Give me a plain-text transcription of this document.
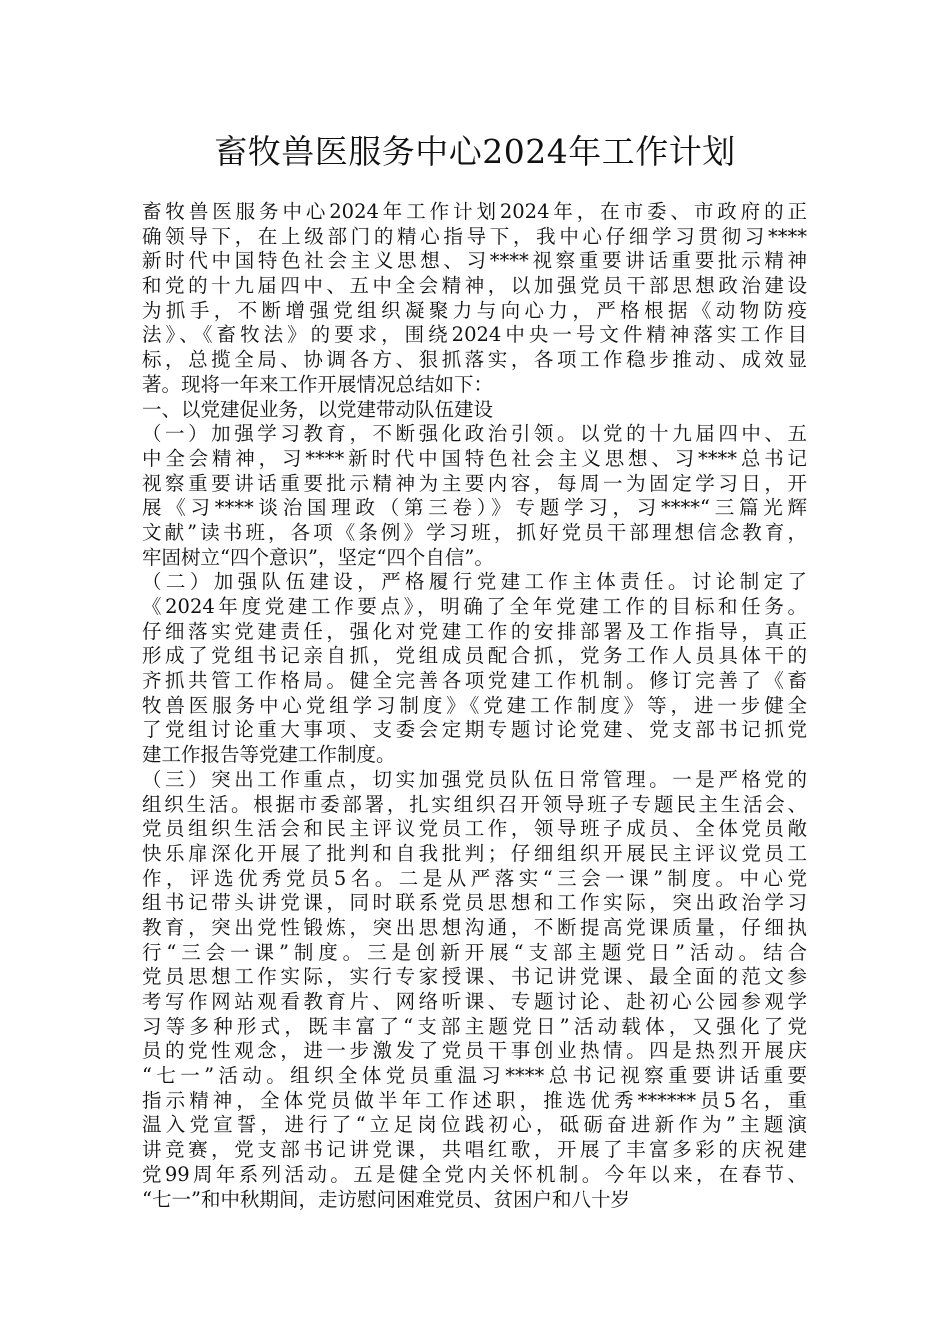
畜牧兽医服务中心2024年工作计划
畜牧兽医服务中心2024年工作计划2024年，在市委、市政府的正
确领导下，在上级部门的精心指导下，我中心仔细学习贯彻习****
新时代中国特色社会主义思想、习****视察重要讲话重要批示精神
和党的十九届四中、五中全会精神，以加强党员干部思想政治建设
为抓手，不断增强党组织凝聚力与向心力，严格根据《动物防疫
法》、《畜牧法》的要求，围绕2024中央一号文件精神落实工作目
标，总揽全局、协调各方、狠抓落实，各项工作稳步推动、成效显
著。现将一年来工作开展情况总结如下：
一、以党建促业务，以党建带动队伍建设
（一）加强学习教育，不断强化政治引领。以党的十九届四中、五
中全会精神，习****新时代中国特色社会主义思想、习****总书记
视察重要讲话重要批示精神为主要内容，每周一为固定学习日，开
展《习****谈治国理政（第三卷）》专题学习，习****“三篇光辉
文献”读书班，各项《条例》学习班，抓好党员干部理想信念教育，
牢固树立“四个意识”，坚定“四个自信”。
（二）加强队伍建设，严格履行党建工作主体责任。讨论制定了
《2024年度党建工作要点》，明确了全年党建工作的目标和任务。
仔细落实党建责任，强化对党建工作的安排部署及工作指导，真正
形成了党组书记亲自抓，党组成员配合抓，党务工作人员具体干的
齐抓共管工作格局。健全完善各项党建工作机制。修订完善了《畜
牧兽医服务中心党组学习制度》《党建工作制度》等，进一步健全
了党组讨论重大事项、支委会定期专题讨论党建、党支部书记抓党
建工作报告等党建工作制度。
（三）突出工作重点，切实加强党员队伍日常管理。一是严格党的
组织生活。根据市委部署，扎实组织召开领导班子专题民主生活会、
党员组织生活会和民主评议党员工作，领导班子成员、全体党员敞
快乐扉深化开展了批判和自我批判；仔细组织开展民主评议党员工
作，评选优秀党员5名。二是从严落实“三会一课”制度。中心党
组书记带头讲党课，同时联系党员思想和工作实际，突出政治学习
教育，突出党性锻炼，突出思想沟通，不断提高党课质量，仔细执
行“三会一课”制度。三是创新开展“支部主题党日”活动。结合
党员思想工作实际，实行专家授课、书记讲党课、最全面的范文参
考写作网站观看教育片、网络听课、专题讨论、赴初心公园参观学
习等多种形式，既丰富了“支部主题党日”活动载体，又强化了党
员的党性观念，进一步激发了党员干事创业热情。四是热烈开展庆
“七一”活动。组织全体党员重温习****总书记视察重要讲话重要
指示精神，全体党员做半年工作述职，推选优秀******员5名，重
温入党宣誓，进行了“立足岗位践初心，砥砺奋进新作为”主题演
讲竞赛，党支部书记讲党课，共唱红歌，开展了丰富多彩的庆祝建
党99周年系列活动。五是健全党内关怀机制。今年以来，在春节、
“七一”和中秋期间，走访慰问困难党员、贫困户和八十岁
